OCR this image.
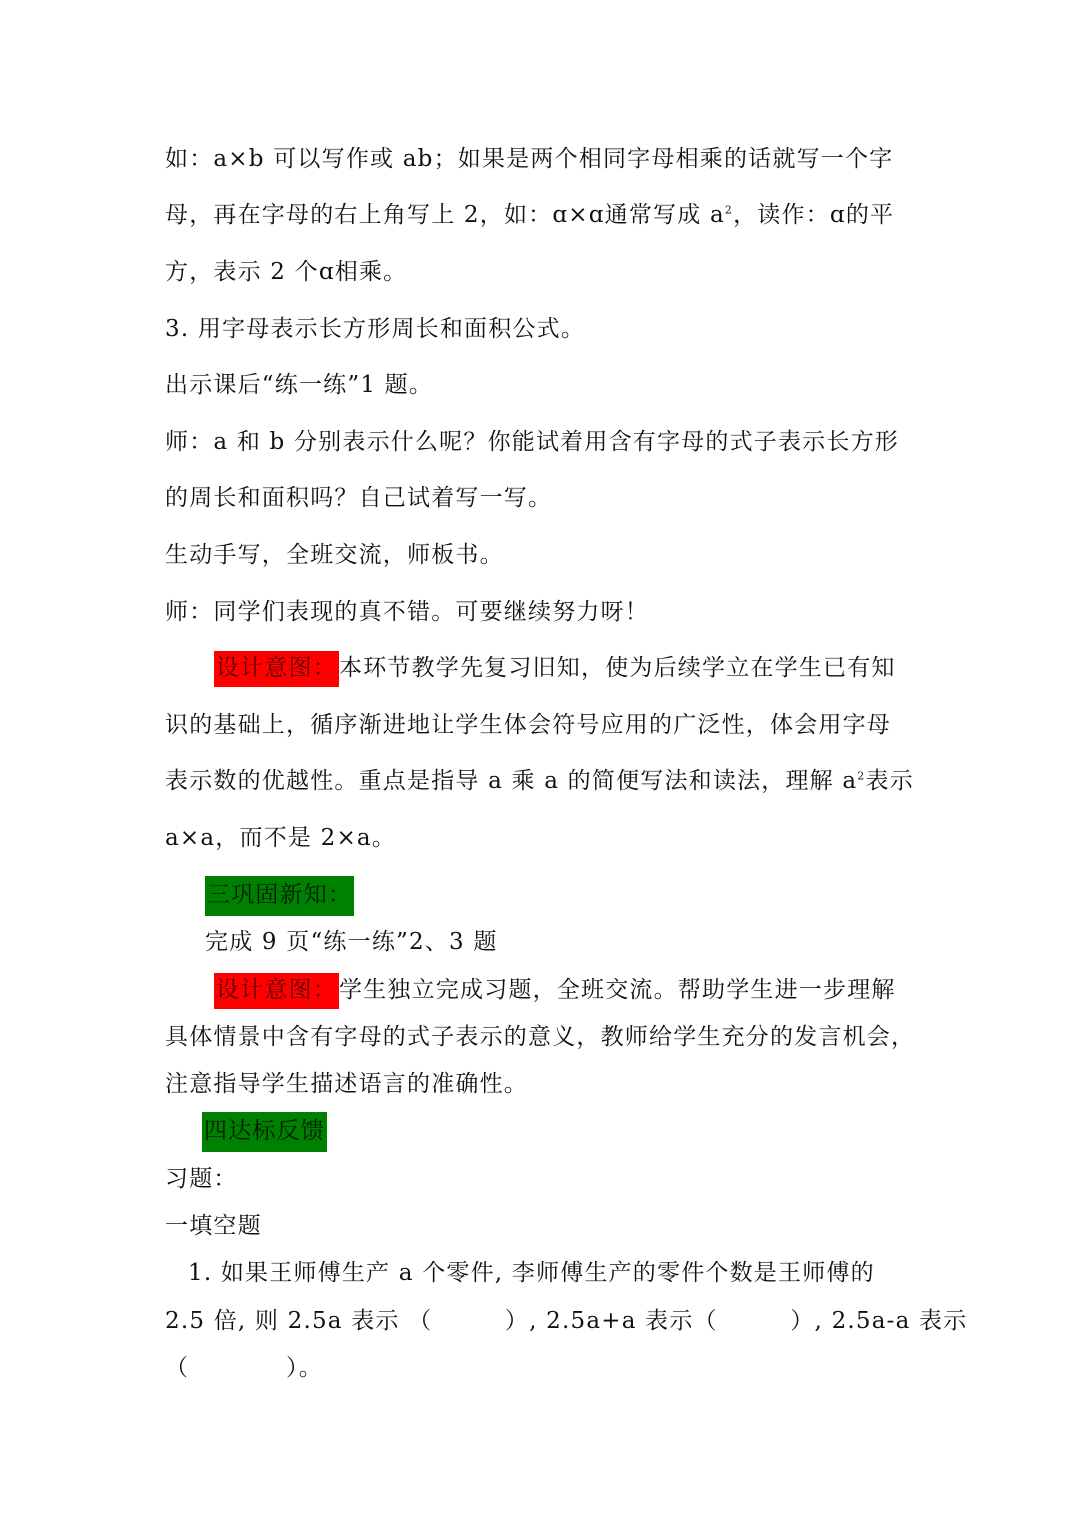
如：a×b 可以写作或 ab；如果是两个相同字母相乘的话就写一个字
母，再在字母的右上角写上 2，如：ɑ×ɑ通常写成 $a^2$，读作：ɑ的平
方，表示 2 个ɑ相乘。
3. 用字母表示长方形周长和面积公式。
出示课后“练一练”1 题。
师：a 和 b 分别表示什么呢？你能试着用含有字母的式子表示长方形
的周长和面积吗？自己试着写一写。
生动手写，全班交流，师板书。
师：同学们表现的真不错。可要继续努力呀！
设计意图：本环节教学先复习旧知，使为后续学立在学生已有知
识的基础上，循序渐进地让学生体会符号应用的广泛性，体会用字母
表示数的优越性。重点是指导 a 乘 a 的简便写法和读法，理解 $a^2$表示
a×a，而不是 2×a。
三巩固新知：
完成 9 页“练一练”2、3 题
设计意图：学生独立完成习题，全班交流。帮助学生进一步理解
具体情景中含有字母的式子表示的意义，教师给学生充分的发言机会，
注意指导学生描述语言的准确性。
四达标反馈
习题：
一填空题
1. 如果王师傅生产 a 个零件, 李师傅生产的零件个数是王师傅的
2.5 倍, 则 2.5a 表示 （　　　）, 2.5a+a 表示（　　　）, 2.5a-a 表示
（　　　　）。
